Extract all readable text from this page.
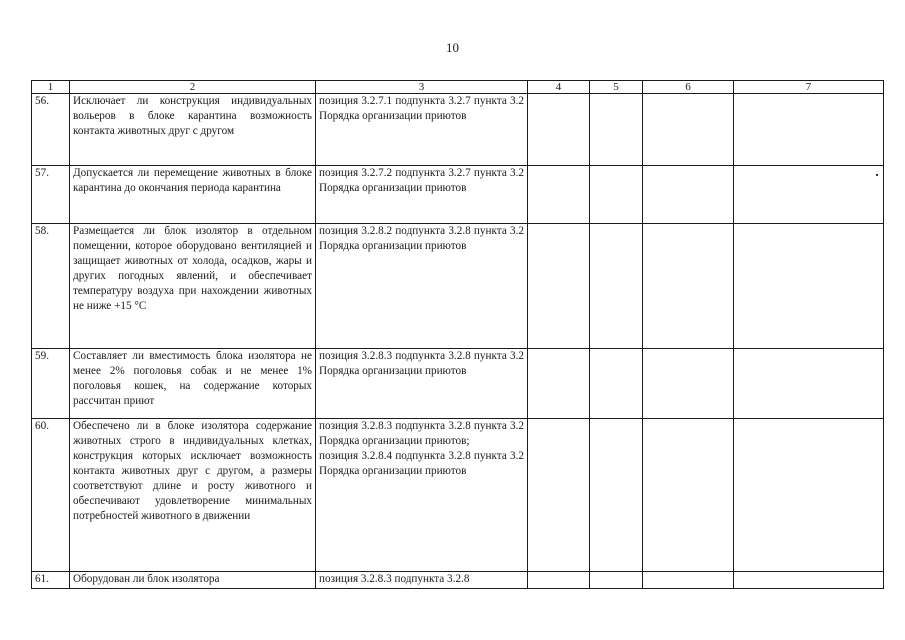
10
1	2	3	4	5	6	7
56.	Исключает ли конструкция индивидуальных вольеров в блоке карантина возможность контакта животных друг с другом	позиция 3.2.7.1 подпункта 3.2.7 пункта 3.2 Порядка организации приютов				

57.	Допускается ли перемещение животных в блоке карантина до окончания периода карантина	позиция 3.2.7.2 подпункта 3.2.7 пункта 3.2 Порядка организации приютов				

58.	Размещается ли блок изолятор в отдельном помещении, которое оборудовано вентиляцией и защищает животных от холода, осадков, жары и других погодных явлений, и обеспечивает температуру воздуха при нахождении животных не ниже +15 °С	позиция 3.2.8.2 подпункта 3.2.8 пункта 3.2 Порядка организации приютов				

59.	Составляет ли вместимость блока изолятора не менее 2% поголовья собак и не менее 1% поголовья кошек, на содержание которых рассчитан приют	позиция 3.2.8.3 подпункта 3.2.8 пункта 3.2 Порядка организации приютов				

60.	Обеспечено ли в блоке изолятора содержание животных строго в индивидуальных клетках, конструкция которых исключает возможность контакта животных друг с другом, а размеры соответствуют длине и росту животного и обеспечивают удовлетворение минимальных потребностей животного в движении	позиция 3.2.8.3 подпункта 3.2.8 пункта 3.2 Порядка организации приютов;
позиция 3.2.8.4 подпункта 3.2.8 пункта 3.2 Порядка организации приютов				

61.	Оборудован ли блок изолятора	позиция 3.2.8.3 подпункта 3.2.8				
